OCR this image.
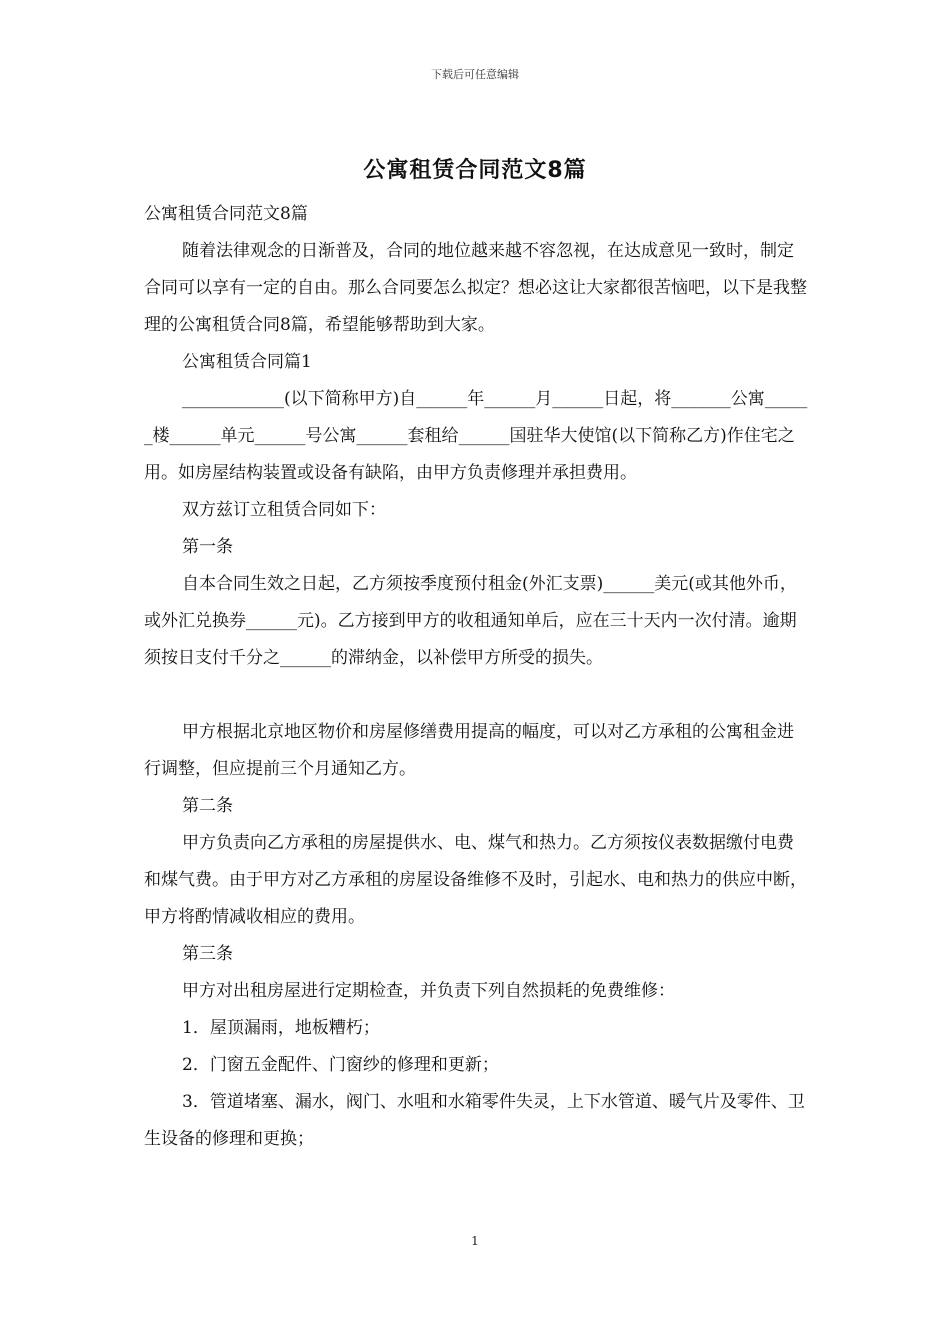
下载后可任意编辑
公寓租赁合同范文8篇

公寓租赁合同范文8篇

随着法律观念的日渐普及，合同的地位越来越不容忽视，在达成意见一致时，制定合同可以享有一定的自由。那么合同要怎么拟定？想必这让大家都很苦恼吧，以下是我整理的公寓租赁合同8篇，希望能够帮助到大家。

公寓租赁合同篇1

____________(以下简称甲方)自______年______月______日起，将_______公寓______楼______单元______号公寓______套租给______国驻华大使馆(以下简称乙方)作住宅之用。如房屋结构装置或设备有缺陷，由甲方负责修理并承担费用。

双方兹订立租赁合同如下：

第一条

自本合同生效之日起，乙方须按季度预付租金(外汇支票)______美元(或其他外币，或外汇兑换券______元)。乙方接到甲方的收租通知单后，应在三十天内一次付清。逾期须按日支付千分之______的滞纳金，以补偿甲方所受的损失。

甲方根据北京地区物价和房屋修缮费用提高的幅度，可以对乙方承租的公寓租金进行调整，但应提前三个月通知乙方。

第二条

甲方负责向乙方承租的房屋提供水、电、煤气和热力。乙方须按仪表数据缴付电费和煤气费。由于甲方对乙方承租的房屋设备维修不及时，引起水、电和热力的供应中断，甲方将酌情减收相应的费用。

第三条

甲方对出租房屋进行定期检查，并负责下列自然损耗的免费维修：

1．屋顶漏雨，地板糟朽；

2．门窗五金配件、门窗纱的修理和更新；

3．管道堵塞、漏水，阀门、水咀和水箱零件失灵，上下水管道、暖气片及零件、卫生设备的修理和更换；

1
